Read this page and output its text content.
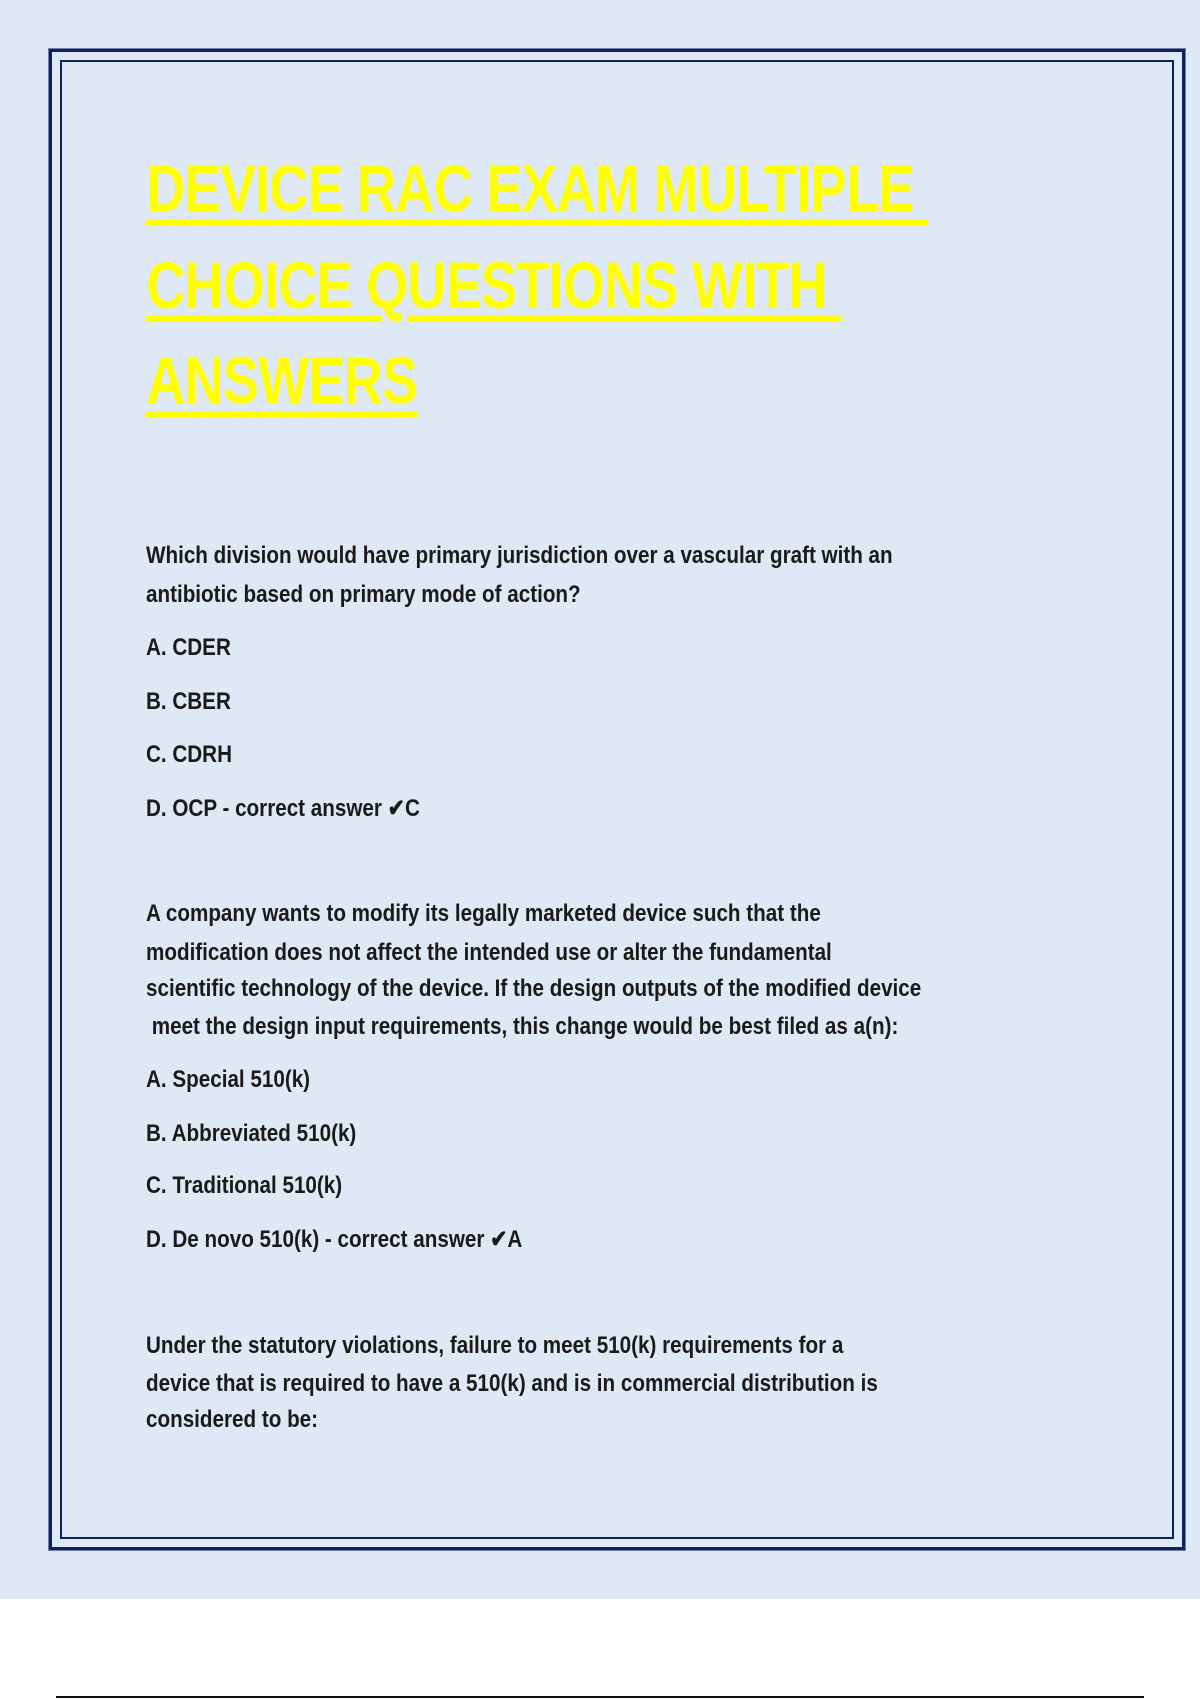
DEVICE RAC EXAM MULTIPLE
CHOICE QUESTIONS WITH
ANSWERS
Which division would have primary jurisdiction over a vascular graft with an
antibiotic based on primary mode of action?
A. CDER
B. CBER
C. CDRH
D. OCP - correct answer ✔C
A company wants to modify its legally marketed device such that the
modification does not affect the intended use or alter the fundamental
scientific technology of the device. If the design outputs of the modified device
meet the design input requirements, this change would be best filed as a(n):
A. Special 510(k)
B. Abbreviated 510(k)
C. Traditional 510(k)
D. De novo 510(k) - correct answer ✔A
Under the statutory violations, failure to meet 510(k) requirements for a
device that is required to have a 510(k) and is in commercial distribution is
considered to be:
